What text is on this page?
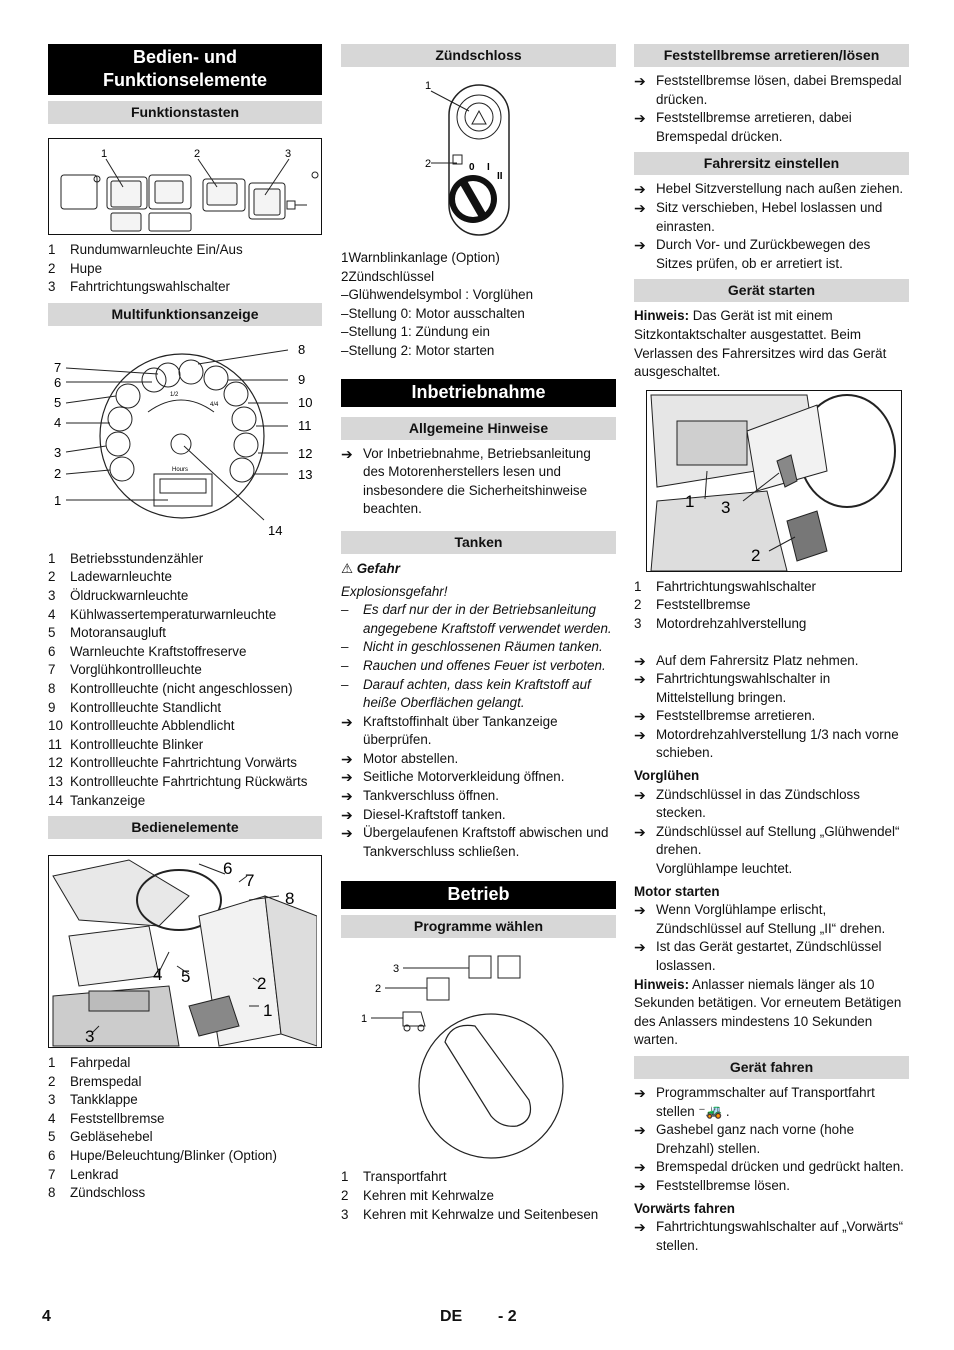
Bedien- und Funktionselemente
Funktionstasten
1	2	3
1	Rundumwarnleuchte Ein/Aus
2	Hupe
3	Fahrtrichtungswahlschalter
Multifunktionsanzeige
1/2
4/4
Hours
8
7
9
6
5	10
4	11
3	12
2	13
1
14
1	Betriebsstundenzähler
2	Ladewarnleuchte
3	Öldruckwarnleuchte
4	Kühlwassertemperaturwarnleuchte
5	Motoransaugluft
6	Warnleuchte Kraftstoffreserve
7	Vorglühkontrollleuchte
8	Kontrollleuchte (nicht angeschlossen)
9	Kontrollleuchte Standlicht
10 Kontrollleuchte Abblendlicht
11 Kontrollleuchte Blinker
12 Kontrollleuchte Fahrtrichtung Vorwärts
13 Kontrollleuchte Fahrtrichtung Rückwärts
14 Tankanzeige
Bedienelemente
6
7
8
4 5	2
1
3
1	Fahrpedal
2	Bremspedal
3	Tankklappe
4	Feststellbremse
5	Gebläsehebel
6	Hupe/Beleuchtung/Blinker (Option)
7	Lenkrad
8	Zündschloss
Zündschloss
1
2	0 I
II
1 Warnblinkanlage (Option)
2 Zündschlüssel
– Glühwendelsymbol : Vorglühen
– Stellung 0: Motor ausschalten
– Stellung 1: Zündung ein
– Stellung 2: Motor starten
Inbetriebnahme
Allgemeine Hinweise
➔ Vor Inbetriebnahme, Betriebsanleitung des Motorenherstellers lesen und insbesondere die Sicherheitshinweise beachten.
Tanken
⚠ Gefahr
Explosionsgefahr!
–	Es darf nur der in der Betriebsanleitung angegebene Kraftstoff verwendet werden.
–	Nicht in geschlossenen Räumen tanken.
–	Rauchen und offenes Feuer ist verboten.
–	Darauf achten, dass kein Kraftstoff auf heiße Oberflächen gelangt.
➔ Kraftstoffinhalt über Tankanzeige überprüfen.
➔ Motor abstellen.
➔ Seitliche Motorverkleidung öffnen.
➔ Tankverschluss öffnen.
➔ Diesel-Kraftstoff tanken.
➔ Übergelaufenen Kraftstoff abwischen und Tankverschluss schließen.
Betrieb
Programme wählen
3
2
1
1	Transportfahrt
2	Kehren mit Kehrwalze
3	Kehren mit Kehrwalze und Seitenbesen
Feststellbremse arretieren/lösen
➔ Feststellbremse lösen, dabei Bremspedal drücken.
➔ Feststellbremse arretieren, dabei Bremspedal drücken.
Fahrersitz einstellen
➔ Hebel Sitzverstellung nach außen ziehen.
➔ Sitz verschieben, Hebel loslassen und einrasten.
➔ Durch Vor- und Zurückbewegen des Sitzes prüfen, ob er arretiert ist.
Gerät starten
Hinweis: Das Gerät ist mit einem Sitzkontaktschalter ausgestattet. Beim Verlassen des Fahrersitzes wird das Gerät ausgeschaltet.
1 3
2
1	Fahrtrichtungswahlschalter
2	Feststellbremse
3	Motordrehzahlverstellung
➔ Auf dem Fahrersitz Platz nehmen.
➔ Fahrtrichtungswahlschalter in Mittelstellung bringen.
➔ Feststellbremse arretieren.
➔ Motordrehzahlverstellung 1/3 nach vorne schieben.
Vorglühen
➔ Zündschlüssel in das Zündschloss stecken.
➔ Zündschlüssel auf Stellung „Glühwendel“ drehen.
Vorglühlampe leuchtet.
Motor starten
➔ Wenn Vorglühlampe erlischt, Zündschlüssel auf Stellung „II“ drehen.
➔ Ist das Gerät gestartet, Zündschlüssel loslassen.
Hinweis: Anlasser niemals länger als 10 Sekunden betätigen. Vor erneutem Betätigen des Anlassers mindestens 10 Sekunden warten.
Gerät fahren
➔ Programmschalter auf Transportfahrt stellen ⁻🚜 .
➔ Gashebel ganz nach vorne (hohe Drehzahl) stellen.
➔ Bremspedal drücken und gedrückt halten.
➔ Feststellbremse lösen.
Vorwärts fahren
➔ Fahrtrichtungswahlschalter auf „Vorwärts“ stellen.
4	DE - 2
